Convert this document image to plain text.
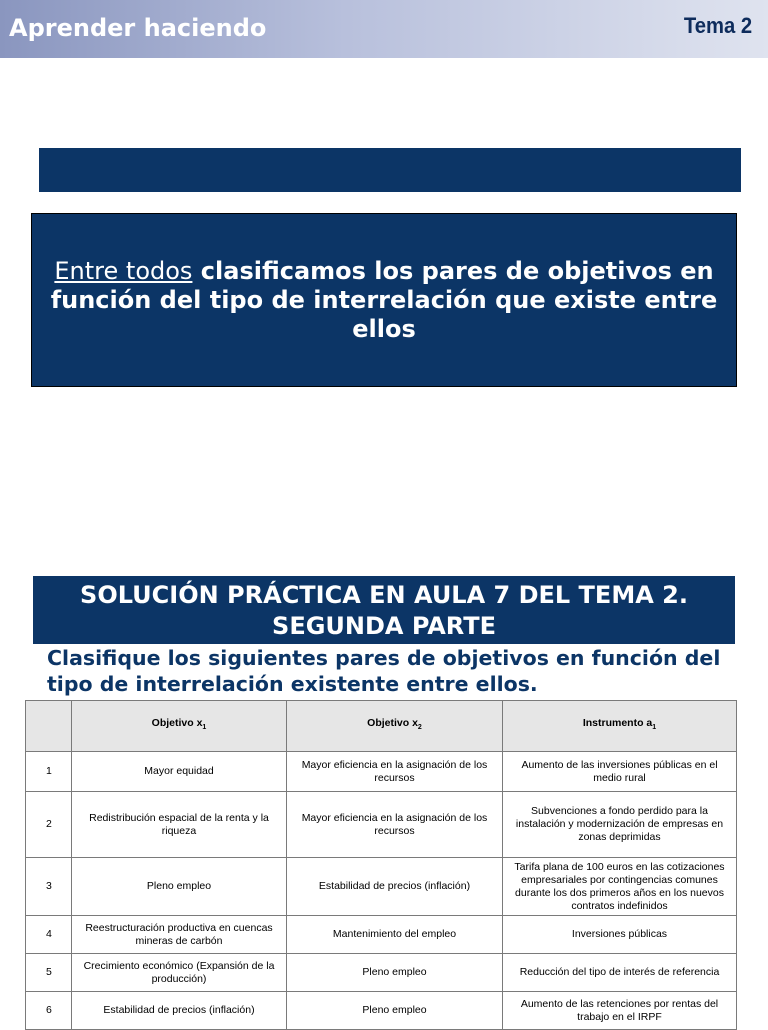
Aprender haciendo	Tema 2
Entre todos clasificamos los pares de objetivos en función del tipo de interrelación que existe entre ellos
SOLUCIÓN PRÁCTICA EN AULA 7 DEL TEMA 2.
SEGUNDA PARTE
Clasifique los siguientes pares de objetivos en función del tipo de interrelación existente entre ellos.
	Objetivo $x_1$	Objetivo $x_2$	Instrumento $a_1$
1	Mayor equidad	Mayor eficiencia en la asignación de los recursos	Aumento de las inversiones públicas en el medio rural
2	Redistribución espacial de la renta y la riqueza	Mayor eficiencia en la asignación de los recursos	Subvenciones a fondo perdido para la instalación y modernización de empresas en zonas deprimidas
3	Pleno empleo	Estabilidad de precios (inflación)	Tarifa plana de 100 euros en las cotizaciones empresariales por contingencias comunes durante los dos primeros años en los nuevos contratos indefinidos
4	Reestructuración productiva en cuencas mineras de carbón	Mantenimiento del empleo	Inversiones públicas
5	Crecimiento económico (Expansión de la producción)	Pleno empleo	Reducción del tipo de interés de referencia
6	Estabilidad de precios (inflación)	Pleno empleo	Aumento de las retenciones por rentas del trabajo en el IRPF
